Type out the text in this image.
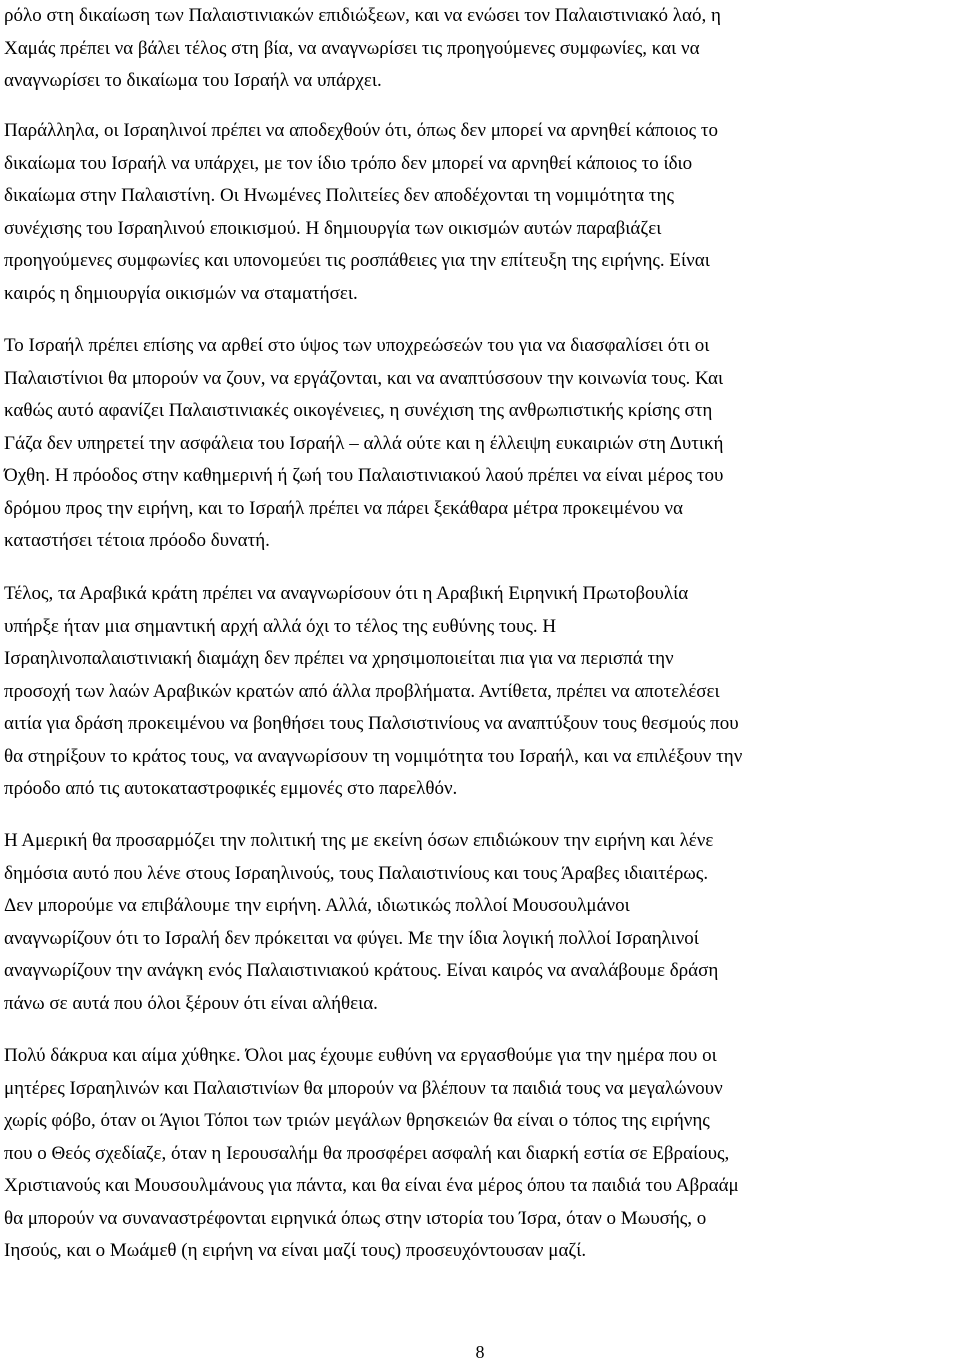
ρόλο στη δικαίωση των Παλαιστινιακών επιδιώξεων, και να ενώσει τον Παλαιστινιακό λαό, η
Χαμάς πρέπει να βάλει τέλος στη βία, να αναγνωρίσει τις προηγούμενες συμφωνίες, και να
αναγνωρίσει το δικαίωμα του Ισραήλ να υπάρχει.
Παράλληλα, οι Ισραηλινοί πρέπει να αποδεχθούν ότι, όπως δεν μπορεί να αρνηθεί κάποιος το
δικαίωμα του Ισραήλ να υπάρχει, με τον ίδιο τρόπο δεν μπορεί να αρνηθεί κάποιος το ίδιο
δικαίωμα στην Παλαιστίνη. Οι Ηνωμένες Πολιτείες δεν αποδέχονται τη νομιμότητα της
συνέχισης του Ισραηλινού εποικισμού. Η δημιουργία των οικισμών αυτών παραβιάζει
προηγούμενες συμφωνίες και υπονομεύει τις ροσπάθειες για την επίτευξη της ειρήνης. Είναι
καιρός η δημιουργία οικισμών να σταματήσει.
Το Ισραήλ πρέπει επίσης να αρθεί στο ύψος των υποχρεώσεών του για να διασφαλίσει ότι οι
Παλαιστίνιοι θα μπορούν να ζουν, να εργάζονται, και να αναπτύσσουν την κοινωνία τους. Και
καθώς αυτό αφανίζει Παλαιστινιακές οικογένειες, η συνέχιση της ανθρωπιστικής κρίσης στη
Γάζα δεν υπηρετεί την ασφάλεια του Ισραήλ – αλλά ούτε και η έλλειψη ευκαιριών στη Δυτική
Όχθη. Η πρόοδος στην καθημερινή ή ζωή του Παλαιστινιακού λαού πρέπει να είναι μέρος του
δρόμου προς την ειρήνη, και το Ισραήλ πρέπει να πάρει ξεκάθαρα μέτρα προκειμένου να
καταστήσει τέτοια πρόοδο δυνατή.
Τέλος, τα Αραβικά κράτη πρέπει να αναγνωρίσουν ότι η Αραβική Ειρηνική Πρωτοβουλία
υπήρξε ήταν μια σημαντική αρχή αλλά όχι το τέλος της ευθύνης τους. Η
Ισραηλινοπαλαιστινιακή διαμάχη δεν πρέπει να χρησιμοποιείται πια για να περισπά την
προσοχή των λαών Αραβικών κρατών από άλλα προβλήματα. Αντίθετα, πρέπει να αποτελέσει
αιτία για δράση προκειμένου να βοηθήσει τους Παλσιστινίους να αναπτύξουν τους θεσμούς που
θα στηρίξουν το κράτος τους, να αναγνωρίσουν τη νομιμότητα του Ισραήλ, και να επιλέξουν την
πρόοδο από τις αυτοκαταστροφικές εμμονές στο παρελθόν.
Η Αμερική θα προσαρμόζει την πολιτική της με εκείνη όσων επιδιώκουν την ειρήνη και λένε
δημόσια αυτό που λένε στους Ισραηλινούς, τους Παλαιστινίους και τους Άραβες ιδιαιτέρως.
Δεν μπορούμε να επιβάλουμε την ειρήνη. Αλλά, ιδιωτικώς πολλοί Μουσουλμάνοι
αναγνωρίζουν ότι το Ισραλή δεν πρόκειται να φύγει. Με την ίδια λογική πολλοί Ισραηλινοί
αναγνωρίζουν την ανάγκη ενός Παλαιστινιακού κράτους. Είναι καιρός να αναλάβουμε δράση
πάνω σε αυτά που όλοι ξέρουν ότι είναι αλήθεια.
Πολύ δάκρυα και αίμα χύθηκε. Όλοι μας έχουμε ευθύνη να εργασθούμε για την ημέρα που οι
μητέρες Ισραηλινών και Παλαιστινίων θα μπορούν να βλέπουν τα παιδιά τους να μεγαλώνουν
χωρίς φόβο, όταν οι Άγιοι Τόποι των τριών μεγάλων θρησκειών θα είναι ο τόπος της ειρήνης
που ο Θεός σχεδίαζε, όταν η Ιερουσαλήμ θα προσφέρει ασφαλή και διαρκή εστία σε Εβραίους,
Χριστιανούς και Μουσουλμάνους για πάντα, και θα είναι ένα μέρος όπου τα παιδιά του Αβραάμ
θα μπορούν να συναναστρέφονται ειρηνικά όπως στην ιστορία του Ίσρα, όταν ο Μωυσής, ο
Ιησούς, και ο Μωάμεθ (η ειρήνη να είναι μαζί τους) προσευχόντουσαν μαζί.
8
